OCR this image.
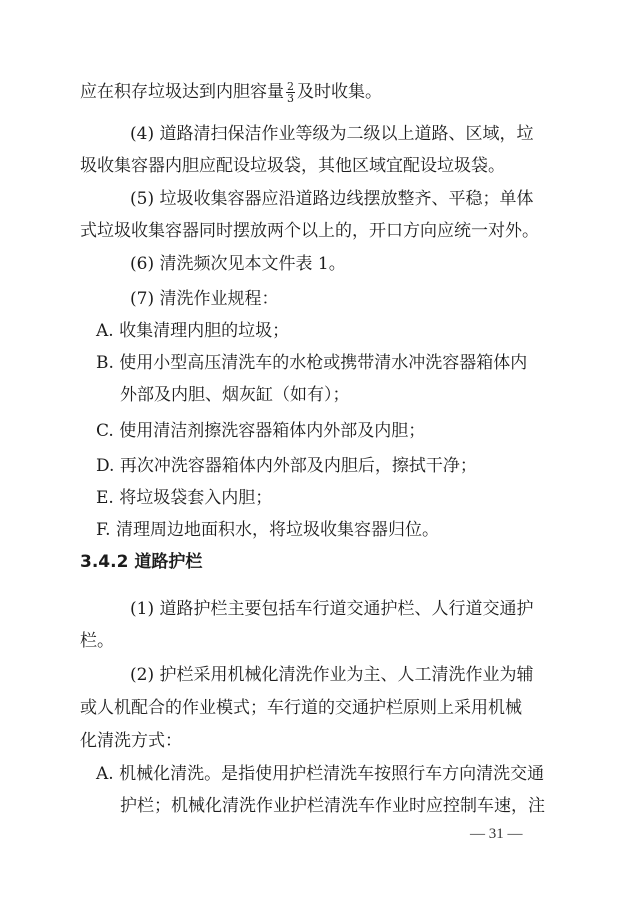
应在积存垃圾达到内胆容量 $\frac{2}{3}$ 及时收集。
(4) 道路清扫保洁作业等级为二级以上道路、区域，垃
圾收集容器内胆应配设垃圾袋，其他区域宜配设垃圾袋。
(5) 垃圾收集容器应沿道路边线摆放整齐、平稳；单体
式垃圾收集容器同时摆放两个以上的，开口方向应统一对外。
(6) 清洗频次见本文件表 1。
(7) 清洗作业规程：
A. 收集清理内胆的垃圾；
B. 使用小型高压清洗车的水枪或携带清水冲洗容器箱体内
外部及内胆、烟灰缸（如有）；
C. 使用清洁剂擦洗容器箱体内外部及内胆；
D. 再次冲洗容器箱体内外部及内胆后，擦拭干净；
E. 将垃圾袋套入内胆；
F. 清理周边地面积水，将垃圾收集容器归位。
3.4.2 道路护栏
(1) 道路护栏主要包括车行道交通护栏、人行道交通护
栏。
(2) 护栏采用机械化清洗作业为主、人工清洗作业为辅
或人机配合的作业模式；车行道的交通护栏原则上采用机械
化清洗方式：
A. 机械化清洗。是指使用护栏清洗车按照行车方向清洗交通
护栏；机械化清洗作业护栏清洗车作业时应控制车速，注
— 31 —
